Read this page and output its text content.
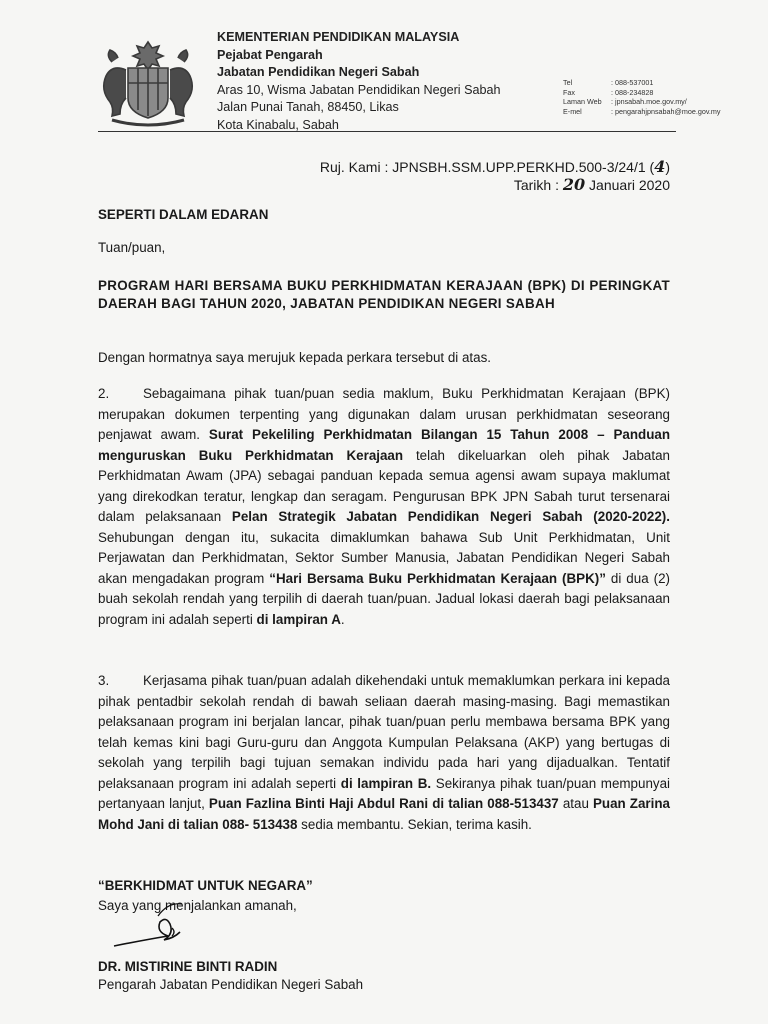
KEMENTERIAN PENDIDIKAN MALAYSIA
Pejabat Pengarah
Jabatan Pendidikan Negeri Sabah
Aras 10, Wisma Jabatan Pendidikan Negeri Sabah
Jalan Punai Tanah, 88450, Likas
Kota Kinabalu, Sabah
Tel	: 088-537001
Fax	: 088-234828
Laman Web	: jpnsabah.moe.gov.my/
E-mel	: pengarahjpnsabah@moe.gov.my
Ruj. Kami : JPNSBH.SSM.UPP.PERKHD.500-3/24/1 (4)
Tarikh : 20 Januari 2020
SEPERTI DALAM EDARAN
Tuan/puan,
PROGRAM HARI BERSAMA BUKU PERKHIDMATAN KERAJAAN (BPK) DI PERINGKAT DAERAH BAGI TAHUN 2020, JABATAN PENDIDIKAN NEGERI SABAH
Dengan hormatnya saya merujuk kepada perkara tersebut di atas.
2.	Sebagaimana pihak tuan/puan sedia maklum, Buku Perkhidmatan Kerajaan (BPK) merupakan dokumen terpenting yang digunakan dalam urusan perkhidmatan seseorang penjawat awam. Surat Pekeliling Perkhidmatan Bilangan 15 Tahun 2008 – Panduan menguruskan Buku Perkhidmatan Kerajaan telah dikeluarkan oleh pihak Jabatan Perkhidmatan Awam (JPA) sebagai panduan kepada semua agensi awam supaya maklumat yang direkodkan teratur, lengkap dan seragam. Pengurusan BPK JPN Sabah turut tersenarai dalam pelaksanaan Pelan Strategik Jabatan Pendidikan Negeri Sabah (2020-2022). Sehubungan dengan itu, sukacita dimaklumkan bahawa Sub Unit Perkhidmatan, Unit Perjawatan dan Perkhidmatan, Sektor Sumber Manusia, Jabatan Pendidikan Negeri Sabah akan mengadakan program “Hari Bersama Buku Perkhidmatan Kerajaan (BPK)” di dua (2) buah sekolah rendah yang terpilih di daerah tuan/puan. Jadual lokasi daerah bagi pelaksanaan program ini adalah seperti di lampiran A.
3.	Kerjasama pihak tuan/puan adalah dikehendaki untuk memaklumkan perkara ini kepada pihak pentadbir sekolah rendah di bawah seliaan daerah masing-masing. Bagi memastikan pelaksanaan program ini berjalan lancar, pihak tuan/puan perlu membawa bersama BPK yang telah kemas kini bagi Guru-guru dan Anggota Kumpulan Pelaksana (AKP) yang bertugas di sekolah yang terpilih bagi tujuan semakan individu pada hari yang dijadualkan. Tentatif pelaksanaan program ini adalah seperti di lampiran B. Sekiranya pihak tuan/puan mempunyai pertanyaan lanjut, Puan Fazlina Binti Haji Abdul Rani di talian 088-513437 atau Puan Zarina Mohd Jani di talian 088- 513438 sedia membantu. Sekian, terima kasih.
“BERKHIDMAT UNTUK NEGARA”
Saya yang menjalankan amanah,
DR. MISTIRINE BINTI RADIN
Pengarah Jabatan Pendidikan Negeri Sabah
